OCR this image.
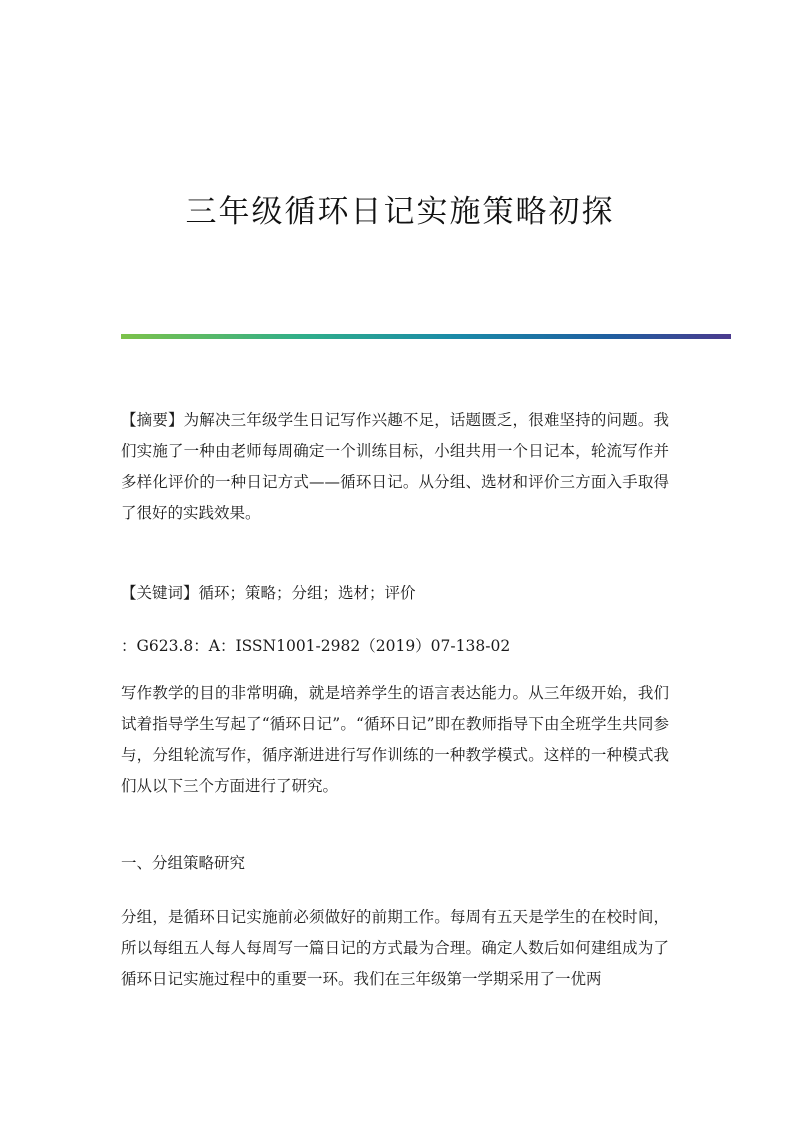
三年级循环日记实施策略初探

【摘要】为解决三年级学生日记写作兴趣不足，话题匮乏，很难坚持的问题。我们实施了一种由老师每周确定一个训练目标，小组共用一个日记本，轮流写作并多样化评价的一种日记方式——循环日记。从分组、选材和评价三方面入手取得了很好的实践效果。

【关键词】循环；策略；分组；选材；评价

：G623.8：A：ISSN1001-2982（2019）07-138-02

写作教学的目的非常明确，就是培养学生的语言表达能力。从三年级开始，我们试着指导学生写起了“循环日记”。“循环日记”即在教师指导下由全班学生共同参与，分组轮流写作，循序渐进进行写作训练的一种教学模式。这样的一种模式我们从以下三个方面进行了研究。

一、分组策略研究

分组，是循环日记实施前必须做好的前期工作。每周有五天是学生的在校时间，所以每组五人每人每周写一篇日记的方式最为合理。确定人数后如何建组成为了循环日记实施过程中的重要一环。我们在三年级第一学期采用了一优两
